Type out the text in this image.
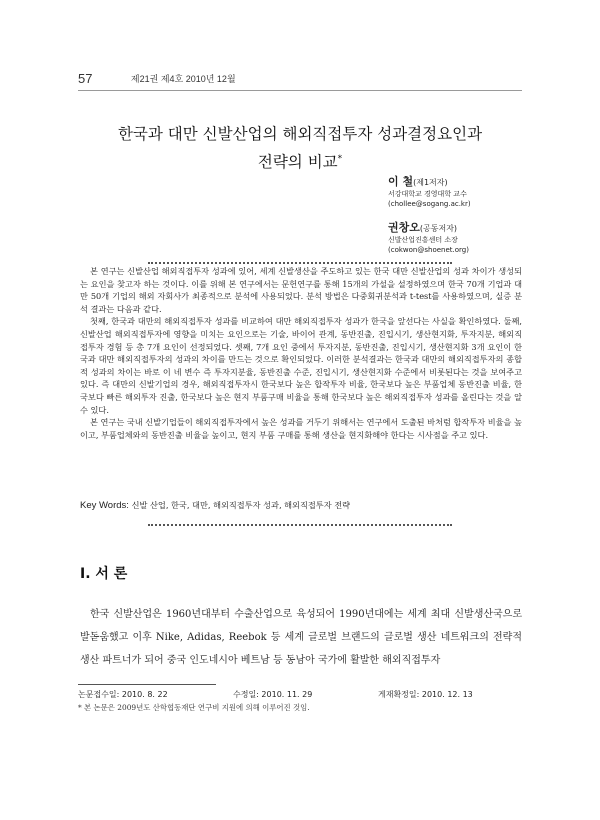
57	제21권 제4호 2010년 12월
한국과 대만 신발산업의 해외직접투자 성과결정요인과
전략의 비교*
이 철(제1저자)
서강대학교 경영대학 교수
(chollee@sogang.ac.kr)
권창오(공동저자)
신발산업진흥센터 소장
(cokwon@shoenet.org)

본 연구는 신발산업 해외직접투자 성과에 있어, 세계 신발생산을 주도하고 있는 한국 대만 신발산업의 성과 차이가 생성되는 요인을 찾고자 하는 것이다. 이를 위해 본 연구에서는 문헌연구를 통해 15개의 가설을 설정하였으며 한국 70개 기업과 대만 50개 기업의 해외 자회사가 최종적으로 분석에 사용되었다. 분석 방법은 다중회귀분석과 t-test를 사용하였으며, 실증 분석 결과는 다음과 같다.

첫째, 한국과 대만의 해외직접투자 성과를 비교하여 대만 해외직접투자 성과가 한국을 앞선다는 사실을 확인하였다. 둘째, 신발산업 해외직접투자에 영향을 미치는 요인으로는 기술, 바이어 관계, 동반진출, 진입시기, 생산현지화, 투자지분, 해외직접투자 경험 등 총 7개 요인이 선정되었다. 셋째, 7개 요인 중에서 투자지분, 동반진출, 진입시기, 생산현지화 3개 요인이 한국과 대만 해외직접투자의 성과의 차이를 만드는 것으로 확인되었다. 이러한 분석결과는 한국과 대만의 해외직접투자의 종합적 성과의 차이는 바로 이 네 변수 즉 투자지분율, 동반진출 수준, 진입시기, 생산현지화 수준에서 비롯된다는 것을 보여주고 있다. 즉 대만의 신발기업의 경우, 해외직접투자시 한국보다 높은 합작투자 비율, 한국보다 높은 부품업체 동반진출 비율, 한국보다 빠른 해외투자 진출, 한국보다 높은 현지 부품구매 비율을 통해 한국보다 높은 해외직접투자 성과를 올린다는 것을 알 수 있다.

본 연구는 국내 신발기업들이 해외직접투자에서 높은 성과를 거두기 위해서는 연구에서 도출된 바처럼 합작투자 비율을 높이고, 부품업체와의 동반진출 비율을 높이고, 현지 부품 구매를 통해 생산을 현지화해야 한다는 시사점을 주고 있다.

Key Words: 신발 산업, 한국, 대만, 해외직접투자 성과, 해외직접투자 전략
Ⅰ. 서 론

한국 신발산업은 1960년대부터 수출산업으로 육성되어 1990년대에는 세계 최대 신발생산국으로 발돋움했고 이후 Nike, Adidas, Reebok 등 세계 글로벌 브랜드의 글로벌 생산 네트워크의 전략적 생산 파트너가 되어 중국 인도네시아 베트남 등 동남아 국가에 활발한 해외직접투자

논문접수일: 2010. 8. 22	수정일: 2010. 11. 29	게재확정일: 2010. 12. 13
* 본 논문은 2009년도 산학협동재단 연구비 지원에 의해 이루어진 것임.
